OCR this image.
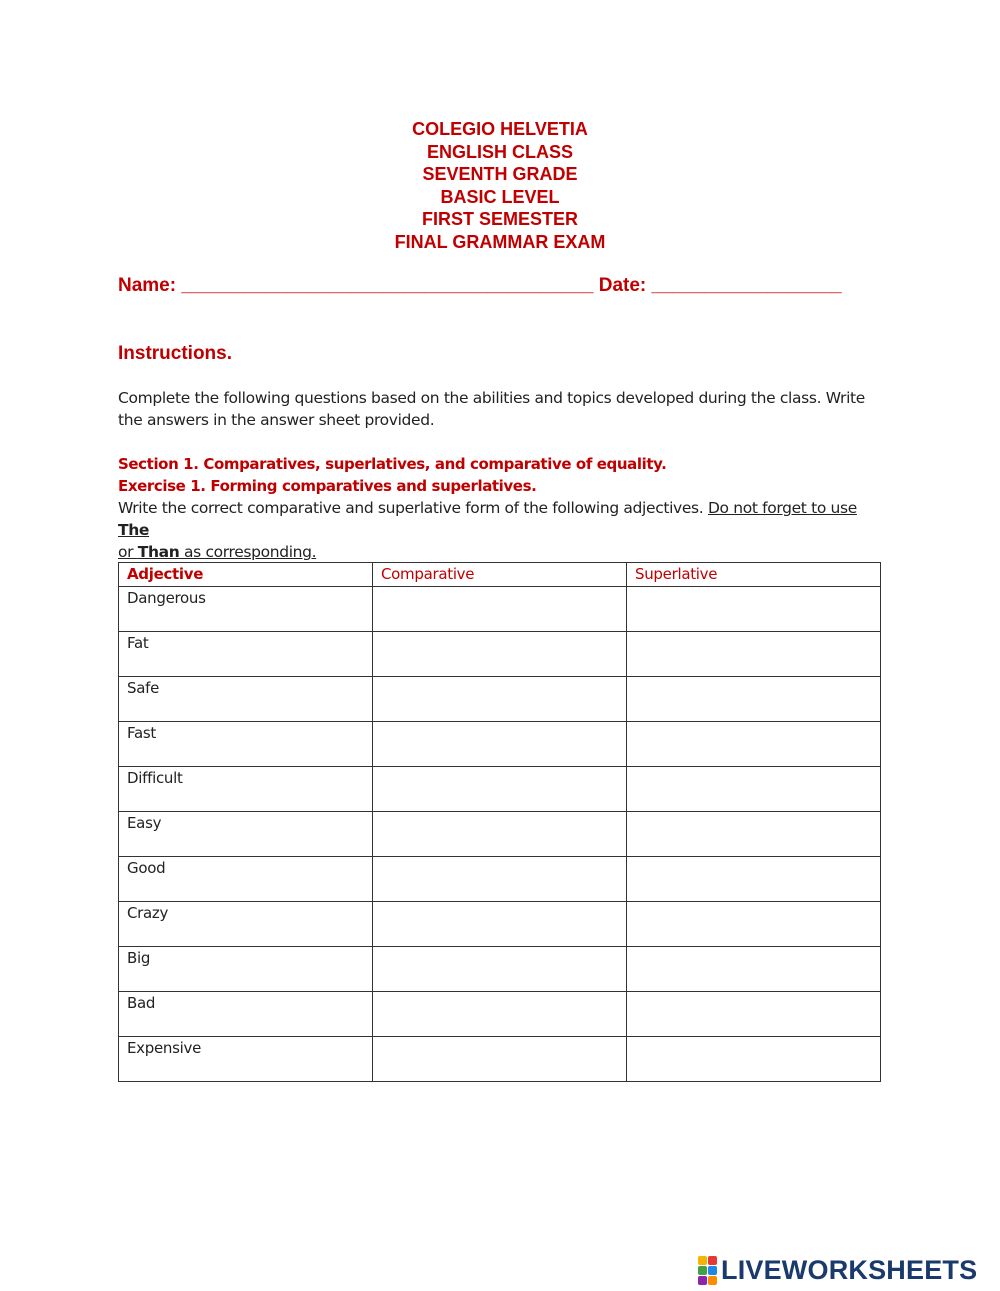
COLEGIO HELVETIA
ENGLISH CLASS
SEVENTH GRADE
BASIC LEVEL
FIRST SEMESTER
FINAL GRAMMAR EXAM
Name: _______________________________________ Date: __________________
Instructions.
Complete the following questions based on the abilities and topics developed during the class. Write the answers in the answer sheet provided.
Section 1. Comparatives, superlatives, and comparative of equality.
Exercise 1. Forming comparatives and superlatives.
Write the correct comparative and superlative form of the following adjectives. Do not forget to use The
or Than as corresponding.
Adjective	Comparative	Superlative
Dangerous		
Fat		
Safe		
Fast		
Difficult		
Easy		
Good		
Crazy		
Big		
Bad		
Expensive		
LIVEWORKSHEETS
